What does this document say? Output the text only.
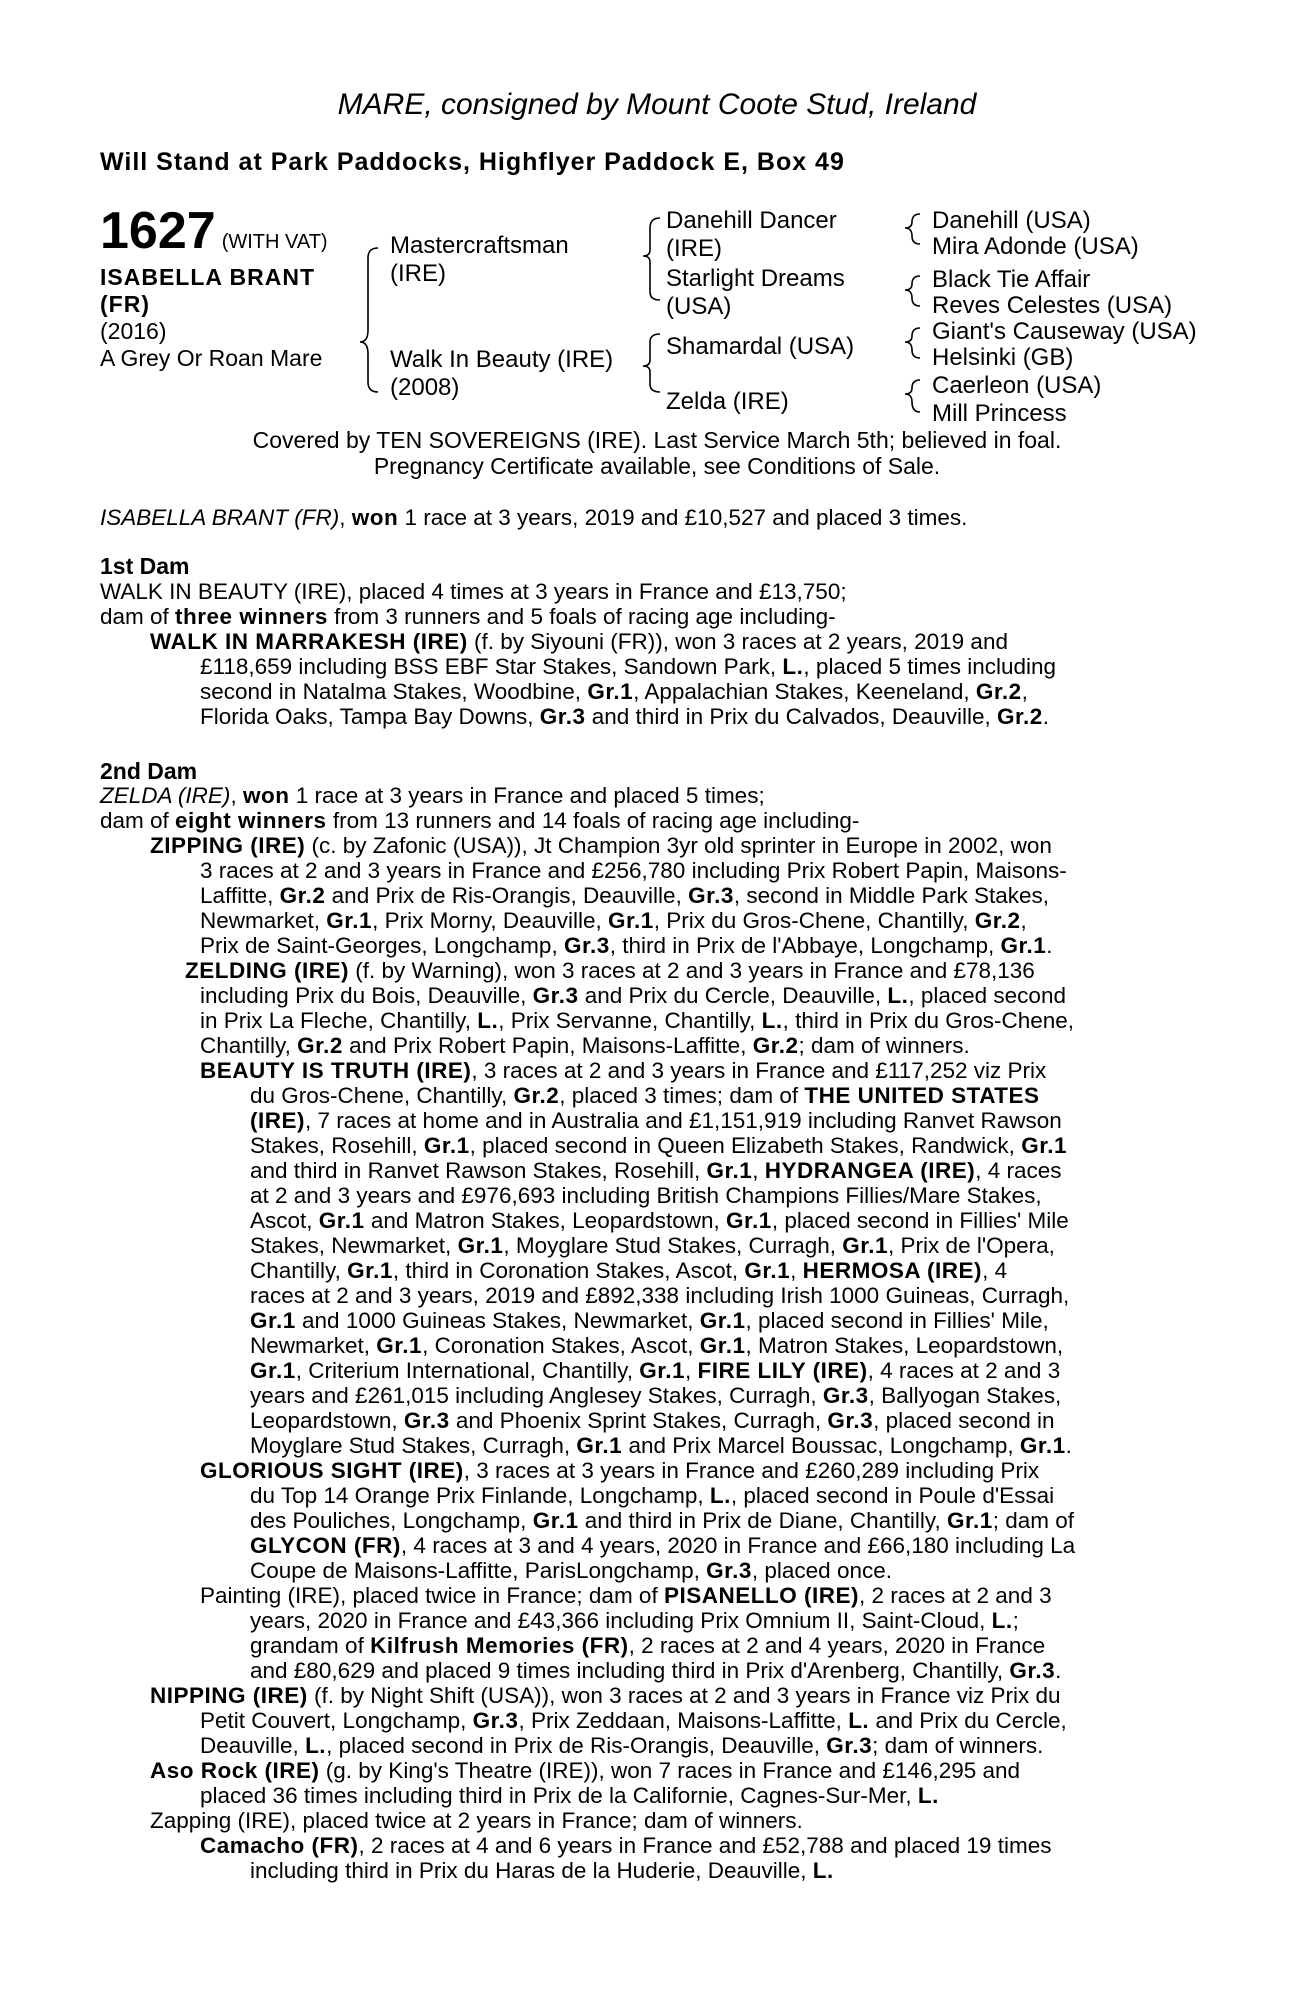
MARE, consigned by Mount Coote Stud, Ireland
Will Stand at Park Paddocks, Highflyer Paddock E, Box 49
1627 (WITH VAT)
ISABELLA BRANT
(FR)
(2016)
A Grey Or Roan Mare
Mastercraftsman
(IRE)
Walk In Beauty (IRE)
(2008)
Danehill Dancer
(IRE)
Starlight Dreams
(USA)
Shamardal (USA)
Zelda (IRE)
Danehill (USA)
Mira Adonde (USA)
Black Tie Affair
Reves Celestes (USA)
Giant's Causeway (USA)
Helsinki (GB)
Caerleon (USA)
Mill Princess
Covered by TEN SOVEREIGNS (IRE). Last Service March 5th; believed in foal.
Pregnancy Certificate available, see Conditions of Sale.
ISABELLA BRANT (FR), won 1 race at 3 years, 2019 and £10,527 and placed 3 times.
1st Dam
WALK IN BEAUTY (IRE), placed 4 times at 3 years in France and £13,750;
dam of three winners from 3 runners and 5 foals of racing age including-
WALK IN MARRAKESH (IRE) (f. by Siyouni (FR)), won 3 races at 2 years, 2019 and
£118,659 including BSS EBF Star Stakes, Sandown Park, L., placed 5 times including
second in Natalma Stakes, Woodbine, Gr.1, Appalachian Stakes, Keeneland, Gr.2,
Florida Oaks, Tampa Bay Downs, Gr.3 and third in Prix du Calvados, Deauville, Gr.2.
2nd Dam
ZELDA (IRE), won 1 race at 3 years in France and placed 5 times;
dam of eight winners from 13 runners and 14 foals of racing age including-
ZIPPING (IRE) (c. by Zafonic (USA)), Jt Champion 3yr old sprinter in Europe in 2002, won
3 races at 2 and 3 years in France and £256,780 including Prix Robert Papin, Maisons-
Laffitte, Gr.2 and Prix de Ris-Orangis, Deauville, Gr.3, second in Middle Park Stakes,
Newmarket, Gr.1, Prix Morny, Deauville, Gr.1, Prix du Gros-Chene, Chantilly, Gr.2,
Prix de Saint-Georges, Longchamp, Gr.3, third in Prix de l'Abbaye, Longchamp, Gr.1.
ZELDING (IRE) (f. by Warning), won 3 races at 2 and 3 years in France and £78,136
including Prix du Bois, Deauville, Gr.3 and Prix du Cercle, Deauville, L., placed second
in Prix La Fleche, Chantilly, L., Prix Servanne, Chantilly, L., third in Prix du Gros-Chene,
Chantilly, Gr.2 and Prix Robert Papin, Maisons-Laffitte, Gr.2; dam of winners.
BEAUTY IS TRUTH (IRE), 3 races at 2 and 3 years in France and £117,252 viz Prix
du Gros-Chene, Chantilly, Gr.2, placed 3 times; dam of THE UNITED STATES
(IRE), 7 races at home and in Australia and £1,151,919 including Ranvet Rawson
Stakes, Rosehill, Gr.1, placed second in Queen Elizabeth Stakes, Randwick, Gr.1
and third in Ranvet Rawson Stakes, Rosehill, Gr.1, HYDRANGEA (IRE), 4 races
at 2 and 3 years and £976,693 including British Champions Fillies/Mare Stakes,
Ascot, Gr.1 and Matron Stakes, Leopardstown, Gr.1, placed second in Fillies' Mile
Stakes, Newmarket, Gr.1, Moyglare Stud Stakes, Curragh, Gr.1, Prix de l'Opera,
Chantilly, Gr.1, third in Coronation Stakes, Ascot, Gr.1, HERMOSA (IRE), 4
races at 2 and 3 years, 2019 and £892,338 including Irish 1000 Guineas, Curragh,
Gr.1 and 1000 Guineas Stakes, Newmarket, Gr.1, placed second in Fillies' Mile,
Newmarket, Gr.1, Coronation Stakes, Ascot, Gr.1, Matron Stakes, Leopardstown,
Gr.1, Criterium International, Chantilly, Gr.1, FIRE LILY (IRE), 4 races at 2 and 3
years and £261,015 including Anglesey Stakes, Curragh, Gr.3, Ballyogan Stakes,
Leopardstown, Gr.3 and Phoenix Sprint Stakes, Curragh, Gr.3, placed second in
Moyglare Stud Stakes, Curragh, Gr.1 and Prix Marcel Boussac, Longchamp, Gr.1.
GLORIOUS SIGHT (IRE), 3 races at 3 years in France and £260,289 including Prix
du Top 14 Orange Prix Finlande, Longchamp, L., placed second in Poule d'Essai
des Pouliches, Longchamp, Gr.1 and third in Prix de Diane, Chantilly, Gr.1; dam of
GLYCON (FR), 4 races at 3 and 4 years, 2020 in France and £66,180 including La
Coupe de Maisons-Laffitte, ParisLongchamp, Gr.3, placed once.
Painting (IRE), placed twice in France; dam of PISANELLO (IRE), 2 races at 2 and 3
years, 2020 in France and £43,366 including Prix Omnium II, Saint-Cloud, L.;
grandam of Kilfrush Memories (FR), 2 races at 2 and 4 years, 2020 in France
and £80,629 and placed 9 times including third in Prix d'Arenberg, Chantilly, Gr.3.
NIPPING (IRE) (f. by Night Shift (USA)), won 3 races at 2 and 3 years in France viz Prix du
Petit Couvert, Longchamp, Gr.3, Prix Zeddaan, Maisons-Laffitte, L. and Prix du Cercle,
Deauville, L., placed second in Prix de Ris-Orangis, Deauville, Gr.3; dam of winners.
Aso Rock (IRE) (g. by King's Theatre (IRE)), won 7 races in France and £146,295 and
placed 36 times including third in Prix de la Californie, Cagnes-Sur-Mer, L.
Zapping (IRE), placed twice at 2 years in France; dam of winners.
Camacho (FR), 2 races at 4 and 6 years in France and £52,788 and placed 19 times
including third in Prix du Haras de la Huderie, Deauville, L.
